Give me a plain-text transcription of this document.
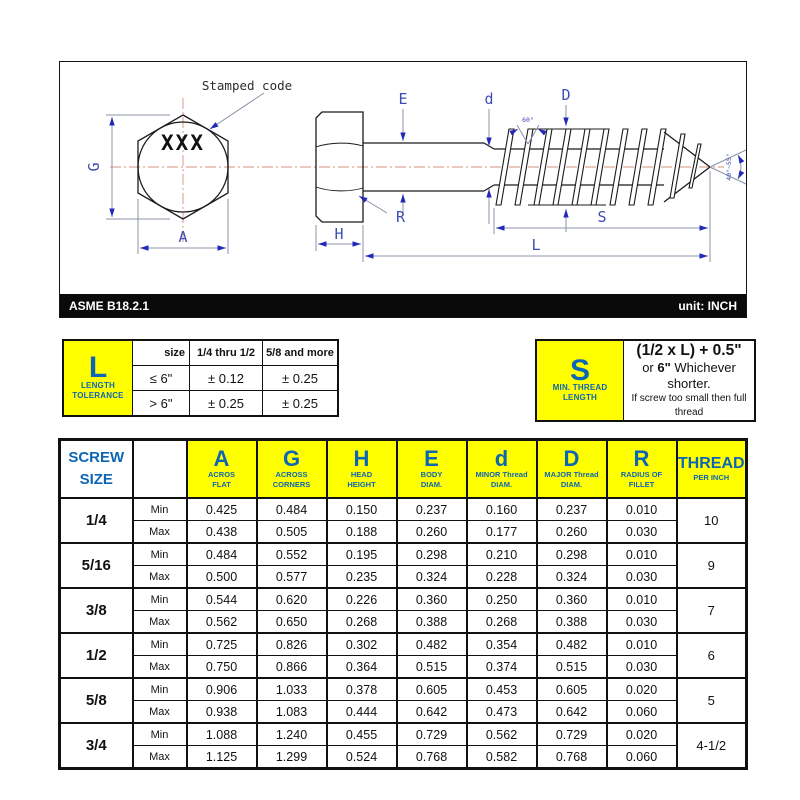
XXX
Stamped code
G
A
E	d	D
60°
40°~55°
S
L
H
R
ASME B18.2.1	unit: INCH
L
LENGTH
TOLERANCE	size	1/4 thru 1/2	5/8 and more
	≤ 6"	± 0.12	± 0.25
	> 6"	± 0.25	± 0.25
S
MIN. THREAD
LENGTH

(1/2 x L) + 0.5"
or 6" Whichever shorter.
If screw too small then full thread
SCREW
SIZE

A
ACROS
FLAT

G
ACROSS
CORNERS

H
HEAD
HEIGHT

E
BODY
DIAM.

d
MINOR Thread
DIAM.

D
MAJOR Thread
DIAM.

R
RADIUS OF
FILLET

THREAD
PER INCH

1/4	Min	0.425	0.484	0.150	0.237	0.160	0.237	0.010	10
	Max	0.438	0.505	0.188	0.260	0.177	0.260	0.030	
5/16	Min	0.484	0.552	0.195	0.298	0.210	0.298	0.010	9
	Max	0.500	0.577	0.235	0.324	0.228	0.324	0.030	
3/8	Min	0.544	0.620	0.226	0.360	0.250	0.360	0.010	7
	Max	0.562	0.650	0.268	0.388	0.268	0.388	0.030	
1/2	Min	0.725	0.826	0.302	0.482	0.354	0.482	0.010	6
	Max	0.750	0.866	0.364	0.515	0.374	0.515	0.030	
5/8	Min	0.906	1.033	0.378	0.605	0.453	0.605	0.020	5
	Max	0.938	1.083	0.444	0.642	0.473	0.642	0.060	
3/4	Min	1.088	1.240	0.455	0.729	0.562	0.729	0.020	4-1/2
	Max	1.125	1.299	0.524	0.768	0.582	0.768	0.060	
